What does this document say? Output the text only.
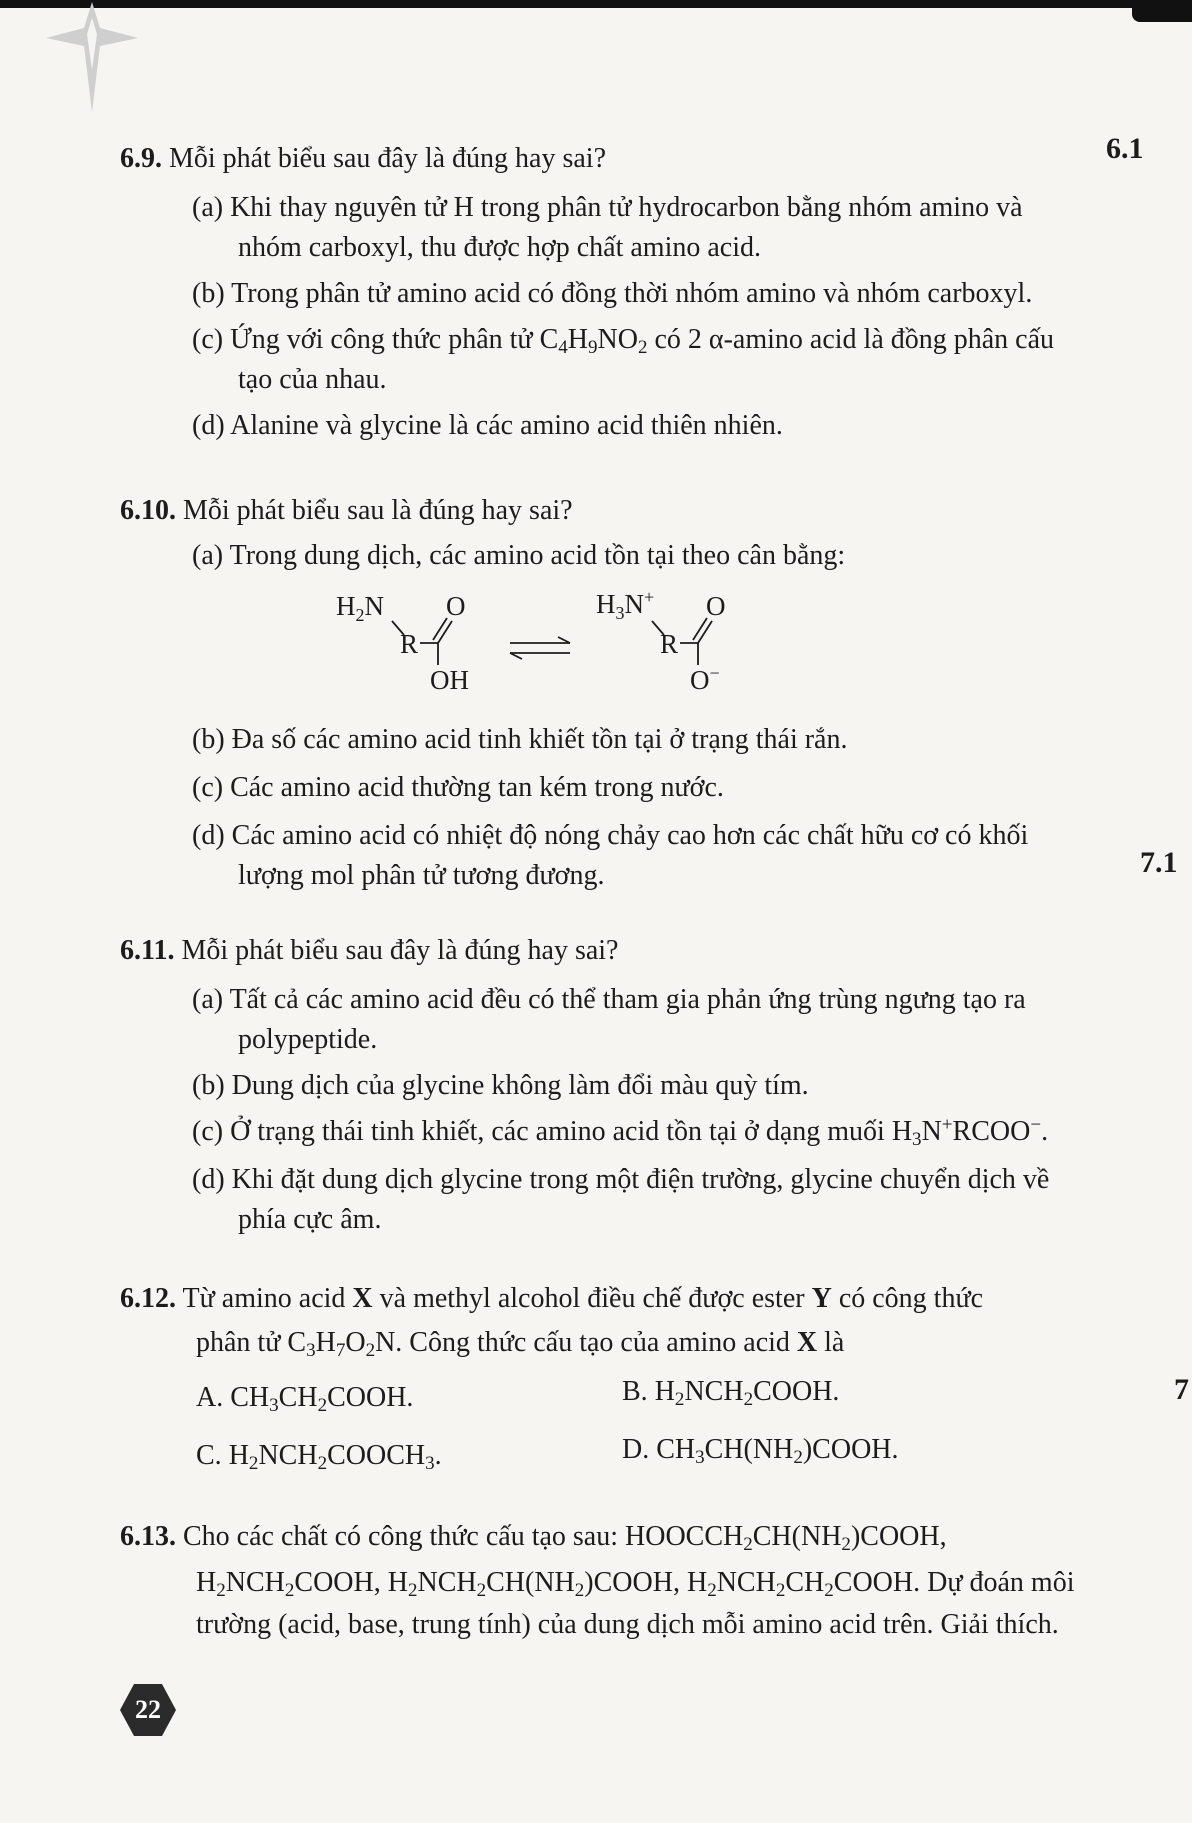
6.1
7.1
7
6.9. Mỗi phát biểu sau đây là đúng hay sai?
(a) Khi thay nguyên tử H trong phân tử hydrocarbon bằng nhóm amino và
nhóm carboxyl, thu được hợp chất amino acid.
(b) Trong phân tử amino acid có đồng thời nhóm amino và nhóm carboxyl.
(c) Ứng với công thức phân tử $C_4H_9NO_2$ có 2 α-amino acid là đồng phân cấu
tạo của nhau.
(d) Alanine và glycine là các amino acid thiên nhiên.
6.10. Mỗi phát biểu sau là đúng hay sai?
(a) Trong dung dịch, các amino acid tồn tại theo cân bằng:
$H_2N$
R
O
OH
$H_3N^+$
R
O
O−
(b) Đa số các amino acid tinh khiết tồn tại ở trạng thái rắn.
(c) Các amino acid thường tan kém trong nước.
(d) Các amino acid có nhiệt độ nóng chảy cao hơn các chất hữu cơ có khối
lượng mol phân tử tương đương.
6.11. Mỗi phát biểu sau đây là đúng hay sai?
(a) Tất cả các amino acid đều có thể tham gia phản ứng trùng ngưng tạo ra
polypeptide.
(b) Dung dịch của glycine không làm đổi màu quỳ tím.
(c) Ở trạng thái tinh khiết, các amino acid tồn tại ở dạng muối $H_3N^+RCOO^-$.
(d) Khi đặt dung dịch glycine trong một điện trường, glycine chuyển dịch về
phía cực âm.
6.12. Từ amino acid X và methyl alcohol điều chế được ester Y có công thức
phân tử $C_3H_7O_2N$. Công thức cấu tạo của amino acid X là
A. $CH_3CH_2COOH$.	B. $H_2NCH_2COOH$.
C. $H_2NCH_2COOCH_3$.	D. $CH_3CH(NH_2)COOH$.
6.13. Cho các chất có công thức cấu tạo sau: $HOOCCH_2CH(NH_2)COOH$,
$H_2NCH_2COOH$, $H_2NCH_2CH(NH_2)COOH$, $H_2NCH_2CH_2COOH$. Dự đoán môi
trường (acid, base, trung tính) của dung dịch mỗi amino acid trên. Giải thích.
22
